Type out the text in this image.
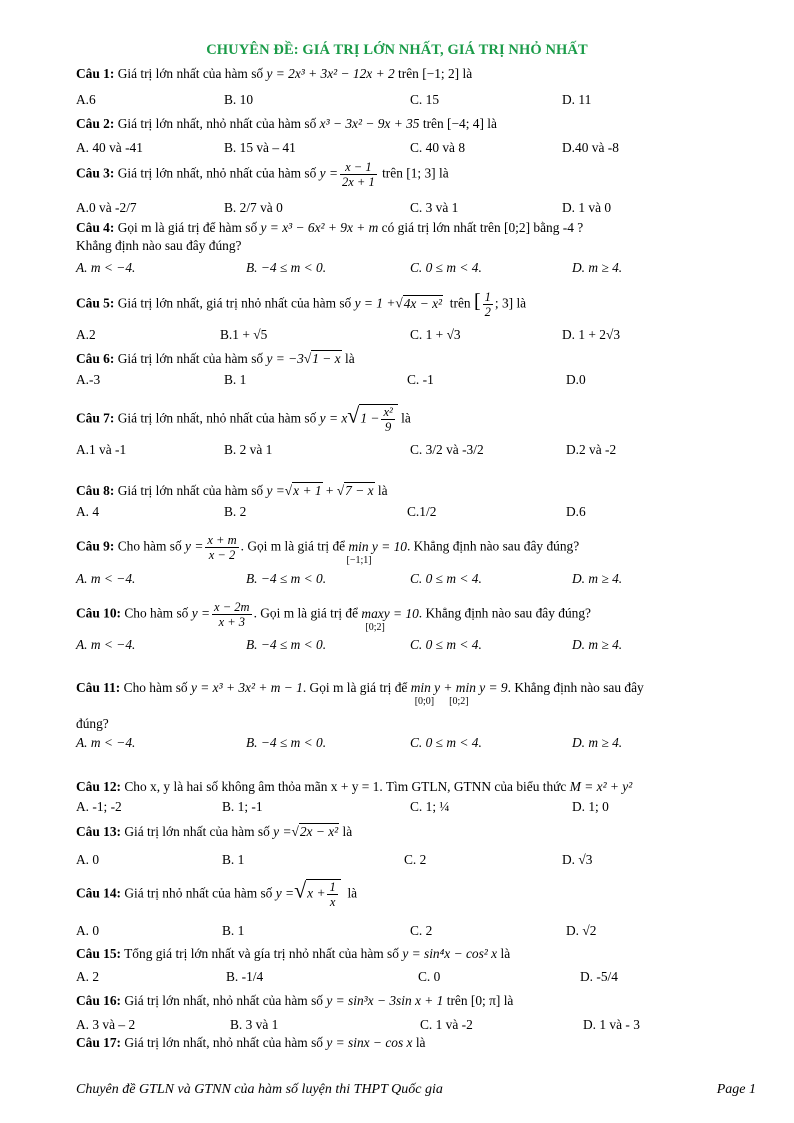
CHUYÊN ĐỀ: GIÁ TRỊ LỚN NHẤT, GIÁ TRỊ NHỎ NHẤT
Câu 1: Giá trị lớn nhất của hàm số y = 2x³ + 3x² − 12x + 2 trên [−1; 2] là
A.6	B. 10	C. 15	D. 11
Câu 2: Giá trị lớn nhất, nhỏ nhất của hàm số x³ − 3x² − 9x + 35 trên [−4; 4] là
A. 40 và -41	B. 15 và – 41	C. 40 và 8	D.40 và -8
Câu 3: Giá trị lớn nhất, nhỏ nhất của hàm số $y = \frac{x - 1}{2x + 1}$ trên [1; 3] là
A.0 và -2/7	B. 2/7 và 0	C. 3 và 1	D. 1 và 0
Câu 4: Gọi m là giá trị để hàm số y = x³ − 6x² + 9x + m có giá trị lớn nhất trên [0;2] bằng -4 ?
Khẳng định nào sau đây đúng?
A. m < −4.	B. −4 ≤ m < 0.	C. 0 ≤ m < 4.	D. m ≥ 4.
Câu 5: Giá trị lớn nhất, giá trị nhỏ nhất của hàm số y = 1 +√4x − x² trên [ $\frac{1}{2}$ ; 3] là
A.2	B.1 + √5	C. 1 + √3	D. 1 + 2√3
Câu 6: Giá trị lớn nhất của hàm số y = −3√1 − x là
A.-3	B. 1	C. -1	D.0
Câu 7: Giá trị lớn nhất, nhỏ nhất của hàm số $y = x√1 - \frac{\text{x²}}{9}$ là
A.1 và -1	B. 2 và 1	C. 3/2 và -3/2	D.2 và -2
Câu 8: Giá trị lớn nhất của hàm số y =√x + 1 + √7 − x là
A. 4	B. 2	C.1/2	D.6
Câu 9: Cho hàm số $y = \frac{x + m}{x - 2}$ . Gọi m là giá trị để min y = 10
[−1;1]
. Khẳng định nào sau đây đúng?
A. m < −4.	B. −4 ≤ m < 0.	C. 0 ≤ m < 4.	D. m ≥ 4.
Câu 10: Cho hàm số $y = \frac{x - 2m}{x + 3}$ . Gọi m là giá trị để maxy = 10
[0;2]
. Khẳng định nào sau đây đúng?
A. m < −4.	B. −4 ≤ m < 0.	C. 0 ≤ m < 4.	D. m ≥ 4.
Câu 11: Cho hàm số y = x³ + 3x² + m − 1. Gọi m là giá trị để min y + min y = 9
[0;0]      [0;2]
. Khẳng định nào sau đây
đúng?
A. m < −4.	B. −4 ≤ m < 0.	C. 0 ≤ m < 4.	D. m ≥ 4.
Câu 12: Cho x, y là hai số không âm thỏa mãn x + y = 1. Tìm GTLN, GTNN của biểu thức M = x² + y²
A. -1; -2	B. 1; -1	C. 1; ¼	D. 1; 0
Câu 13: Giá trị lớn nhất của hàm số y =√2x − x² là
A. 0	B. 1	C. 2	D. √3
Câu 14: Giá trị nhỏ nhất của hàm số $y =√x + \frac{1}{x}$ là
A. 0	B. 1	C. 2	D. √2
Câu 15: Tổng giá trị lớn nhất và gía trị nhỏ nhất của hàm số y = sin⁴x − cos² x là
A. 2	B. -1/4	C. 0	D. -5/4
Câu 16: Giá trị lớn nhất, nhỏ nhất của hàm số y = sin³x − 3sin x + 1 trên [0; π] là
A. 3 và – 2	B. 3 và 1	C. 1 và -2	D. 1 và - 3
Câu 17: Giá trị lớn nhất, nhỏ nhất của hàm số y = sinx − cos x là
Chuyên đề GTLN và GTNN của hàm số luyện thi THPT Quốc gia	Page 1
